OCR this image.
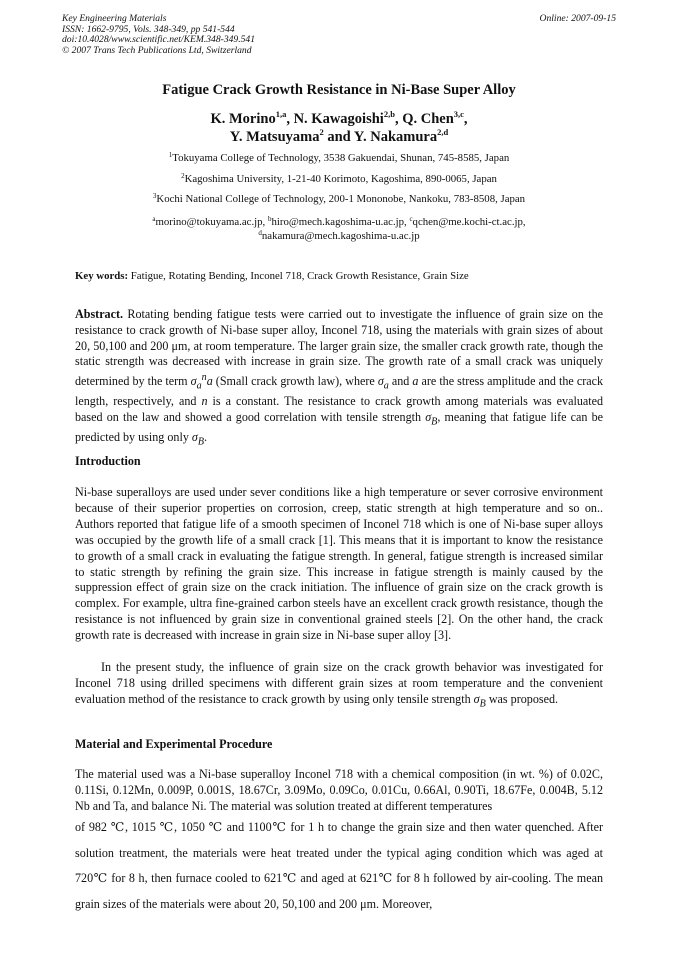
Key Engineering Materials
ISSN: 1662-9795, Vols. 348-349, pp 541-544
doi:10.4028/www.scientific.net/KEM.348-349.541
© 2007 Trans Tech Publications Ltd, Switzerland
Online: 2007-09-15
Fatigue Crack Growth Resistance in Ni-Base Super Alloy
K. Morino$^{1,a}$, N. Kawagoishi$^{2,b}$, Q. Chen$^{3,c}$,
Y. Matsuyama$^2$ and Y. Nakamura$^{2,d}$
$^1$Tokuyama College of Technology, 3538 Gakuendai, Shunan, 745-8585, Japan
$^2$Kagoshima University, 1-21-40 Korimoto, Kagoshima, 890-0065, Japan
$^3$Kochi National College of Technology, 200-1 Mononobe, Nankoku, 783-8508, Japan
$^a$morino@tokuyama.ac.jp, $^b$hiro@mech.kagoshima-u.ac.jp, $^c$qchen@me.kochi-ct.ac.jp,
$^d$nakamura@mech.kagoshima-u.ac.jp
Key words: Fatigue, Rotating Bending, Inconel 718, Crack Growth Resistance, Grain Size
Abstract. Rotating bending fatigue tests were carried out to investigate the influence of grain size on the resistance to crack growth of Ni-base super alloy, Inconel 718, using the materials with grain sizes of about 20, 50,100 and 200 μm, at room temperature. The larger grain size, the smaller crack growth rate, though the static strength was decreased with increase in grain size. The growth rate of a small crack was uniquely determined by the term $\sigma_a^na$ (Small crack growth law), where $\sigma_a$ and a are the stress amplitude and the crack length, respectively, and n is a constant. The resistance to crack growth among materials was evaluated based on the law and showed a good correlation with tensile strength $\sigma_B$, meaning that fatigue life can be predicted by using only $\sigma_B$.
Introduction
Ni-base superalloys are used under sever conditions like a high temperature or sever corrosive environment because of their superior properties on corrosion, creep, static strength at high temperature and so on.. Authors reported that fatigue life of a smooth specimen of Inconel 718 which is one of Ni-base super alloys was occupied by the growth life of a small crack [1]. This means that it is important to know the resistance to growth of a small crack in evaluating the fatigue strength. In general, fatigue strength is increased similar to static strength by refining the grain size. This increase in fatigue strength is mainly caused by the suppression effect of grain size on the crack initiation. The influence of grain size on the crack growth is complex. For example, ultra fine-grained carbon steels have an excellent crack growth resistance, though the resistance is not influenced by grain size in conventional grained steels [2]. On the other hand, the crack growth rate is decreased with increase in grain size in Ni-base super alloy [3].
In the present study, the influence of grain size on the crack growth behavior was investigated for Inconel 718 using drilled specimens with different grain sizes at room temperature and the convenient evaluation method of the resistance to crack growth by using only tensile strength $\sigma_B$ was proposed.
Material and Experimental Procedure
The material used was a Ni-base superalloy Inconel 718 with a chemical composition (in wt. %) of 0.02C, 0.11Si, 0.12Mn, 0.009P, 0.001S, 18.67Cr, 3.09Mo, 0.09Co, 0.01Cu, 0.66Al, 0.90Ti, 18.67Fe, 0.004B, 5.12 Nb and Ta, and balance Ni. The material was solution treated at different temperatures
of 982 ℃, 1015 ℃, 1050 ℃ and 1100℃ for 1 h to change the grain size and then water quenched. After solution treatment, the materials were heat treated under the typical aging condition which was aged at 720℃ for 8 h, then furnace cooled to 621℃ and aged at 621℃ for 8 h followed by air-cooling. The mean grain sizes of the materials were about 20, 50,100 and 200 μm. Moreover,
